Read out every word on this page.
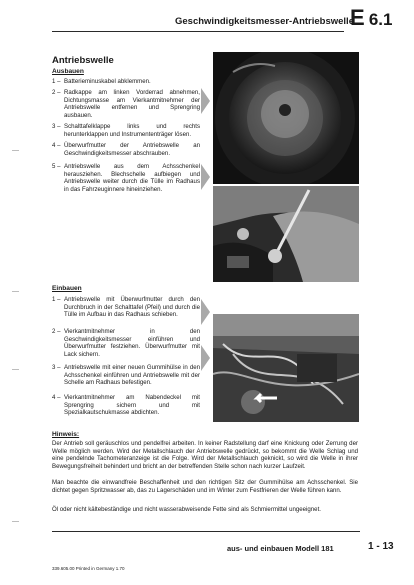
Geschwindigkeitsmesser-Antriebswelle
E 6.1
Antriebswelle
Ausbauen
1 – Batterieminuskabel abklemmen.
2 – Radkappe am linken Vorderrad abnehmen, Dichtungsmasse am Vierkantmitnehmer der Antriebswelle entfernen und Sprengring ausbauen.
3 – Schalttafelklappe links und rechts herunterklappen und Instrumententräger lösen.
4 – Überwurfmutter der Antriebswelle an Geschwindigkeitsmesser abschrauben.
5 – Antriebswelle aus dem Achsschenkel herausziehen. Blechschelle aufbiegen und Antriebswelle weiter durch die Tülle im Radhaus in das Fahrzeuginnere hineinziehen.
Einbauen
1 – Antriebswelle mit Überwurfmutter durch den Durchbruch in der Schalttafel (Pfeil) und durch die Tülle im Aufbau in das Radhaus schieben.
2 – Vierkantmitnehmer in den Geschwindigkeitsmesser einführen und Überwurfmutter festziehen. Überwurfmutter mit Lack sichern.
3 – Antriebswelle mit einer neuen Gummihülse in den Achsschenkel einführen und Antriebswelle mit der Schelle am Radhaus befestigen.
4 – Vierkantmitnehmer am Nabendeckel mit Sprengring sichern und mit Spezialkautschukmasse abdichten.
Hinweis:
Der Antrieb soll geräuschlos und pendelfrei arbeiten. In keiner Radstellung darf eine Knickung oder Zerrung der Welle möglich werden. Wird der Metallschlauch der Antriebswelle gedrückt, so bekommt die Welle Schlag und eine pendelnde Tachometeranzeige ist die Folge. Wird der Metallschlauch geknickt, so wird die Welle in ihrer Bewegungsfreiheit behindert und bricht an der betreffenden Stelle schon nach kurzer Laufzeit.
Man beachte die einwandfreie Beschaffenheit und den richtigen Sitz der Gummihülse am Achsschenkel. Sie dichtet gegen Spritzwasser ab, das zu Lagerschäden und im Winter zum Festfrieren der Welle führen kann.
Öl oder nicht kältebeständige und nicht wasserabweisende Fette sind als Schmiermittel ungeeignet.
aus- und einbauen Modell 181	1 - 13
339.605.00 Printed in Germany 1.70
